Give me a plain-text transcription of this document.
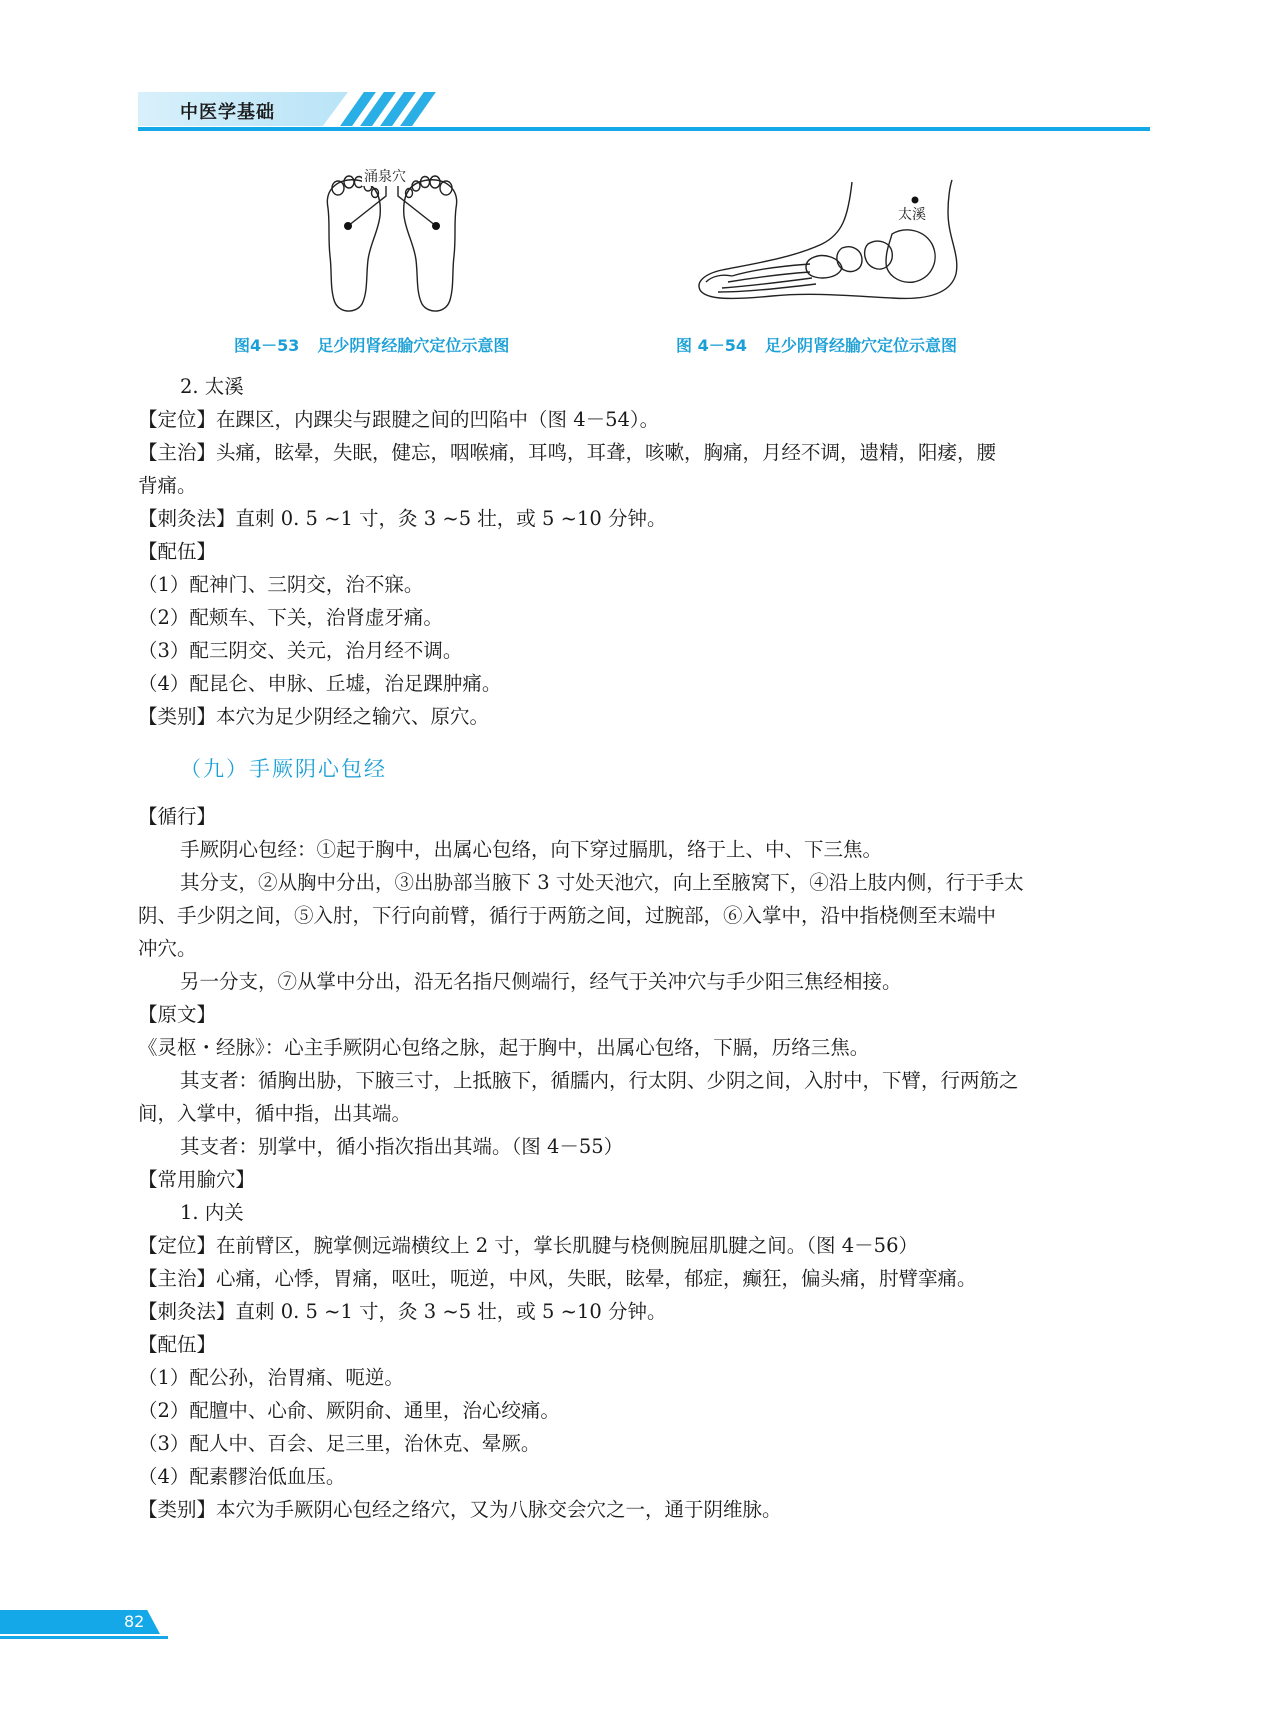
中医学基础
涌泉穴
太溪
图4－53 足少阴肾经腧穴定位示意图	图 4－54 足少阴肾经腧穴定位示意图
2. 太溪
【定位】在踝区，内踝尖与跟腱之间的凹陷中（图 4－54）。
【主治】头痛，眩晕，失眠，健忘，咽喉痛，耳鸣，耳聋，咳嗽，胸痛，月经不调，遗精，阳痿，腰
背痛。
【刺灸法】直刺 0. 5 ~1 寸，灸 3 ~5 壮，或 5 ~10 分钟。
【配伍】
（1）配神门、三阴交，治不寐。
（2）配颊车、下关，治肾虚牙痛。
（3）配三阴交、关元，治月经不调。
（4）配昆仑、申脉、丘墟，治足踝肿痛。
【类别】本穴为足少阴经之输穴、原穴。
（九）手厥阴心包经
【循行】
手厥阴心包经：①起于胸中，出属心包络，向下穿过膈肌，络于上、中、下三焦。
其分支，②从胸中分出，③出胁部当腋下 3 寸处天池穴，向上至腋窝下，④沿上肢内侧，行于手太
阴、手少阴之间，⑤入肘，下行向前臂，循行于两筋之间，过腕部，⑥入掌中，沿中指桡侧至末端中
冲穴。
另一分支，⑦从掌中分出，沿无名指尺侧端行，经气于关冲穴与手少阳三焦经相接。
【原文】
《灵枢・经脉》：心主手厥阴心包络之脉，起于胸中，出属心包络，下膈，历络三焦。
其支者：循胸出胁，下腋三寸，上抵腋下，循臑内，行太阴、少阴之间，入肘中，下臂，行两筋之
间，入掌中，循中指，出其端。
其支者：别掌中，循小指次指出其端。（图 4－55）
【常用腧穴】
1. 内关
【定位】在前臂区，腕掌侧远端横纹上 2 寸，掌长肌腱与桡侧腕屈肌腱之间。（图 4－56）
【主治】心痛，心悸，胃痛，呕吐，呃逆，中风，失眠，眩晕，郁症，癫狂，偏头痛，肘臂挛痛。
【刺灸法】直刺 0. 5 ~1 寸，灸 3 ~5 壮，或 5 ~10 分钟。
【配伍】
（1）配公孙，治胃痛、呃逆。
（2）配膻中、心俞、厥阴俞、通里，治心绞痛。
（3）配人中、百会、足三里，治休克、晕厥。
（4）配素髎治低血压。
【类别】本穴为手厥阴心包经之络穴，又为八脉交会穴之一，通于阴维脉。
82
